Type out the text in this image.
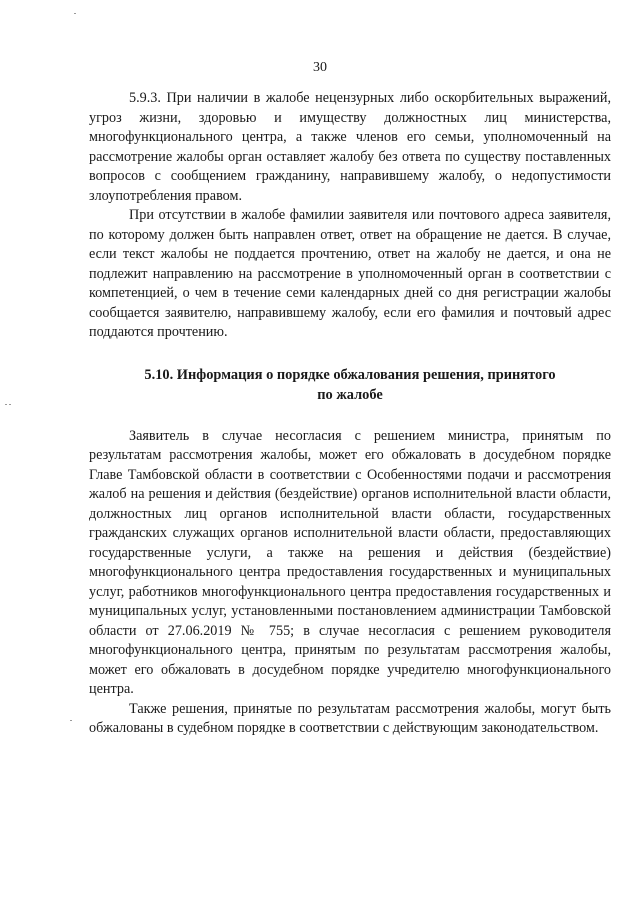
30

5.9.3. При наличии в жалобе нецензурных либо оскорбительных выражений, угроз жизни, здоровью и имуществу должностных лиц министерства, многофункционального центра, а также членов его семьи, уполномоченный на рассмотрение жалобы орган оставляет жалобу без ответа по существу поставленных вопросов с сообщением гражданину, направившему жалобу, о недопустимости злоупотребления правом.

При отсутствии в жалобе фамилии заявителя или почтового адреса заявителя, по которому должен быть направлен ответ, ответ на обращение не дается. В случае, если текст жалобы не поддается прочтению, ответ на жалобу не дается, и она не подлежит направлению на рассмотрение в уполномоченный орган в соответствии с компетенцией, о чем в течение семи календарных дней со дня регистрации жалобы сообщается заявителю, направившему жалобу, если его фамилия и почтовый адрес поддаются прочтению.

5.10. Информация о порядке обжалования решения, принятого
по жалобе

Заявитель в случае несогласия с решением министра, принятым по результатам рассмотрения жалобы, может его обжаловать в досудебном порядке Главе Тамбовской области в соответствии с Особенностями подачи и рассмотрения жалоб на решения и действия (бездействие) органов исполнительной власти области, должностных лиц органов исполнительной власти области, государственных гражданских служащих органов исполнительной власти области, предоставляющих государственные услуги, а также на решения и действия (бездействие) многофункционального центра предоставления государственных и муниципальных услуг, работников многофункционального центра предоставления государственных и муниципальных услуг, установленными постановлением администрации Тамбовской области от 27.06.2019 № 755; в случае несогласия с решением руководителя многофункционального центра, принятым по результатам рассмотрения жалобы, может его обжаловать в досудебном порядке учредителю многофункционального центра.

Также решения, принятые по результатам рассмотрения жалобы, могут быть обжалованы в судебном порядке в соответствии с действующим законодательством.
